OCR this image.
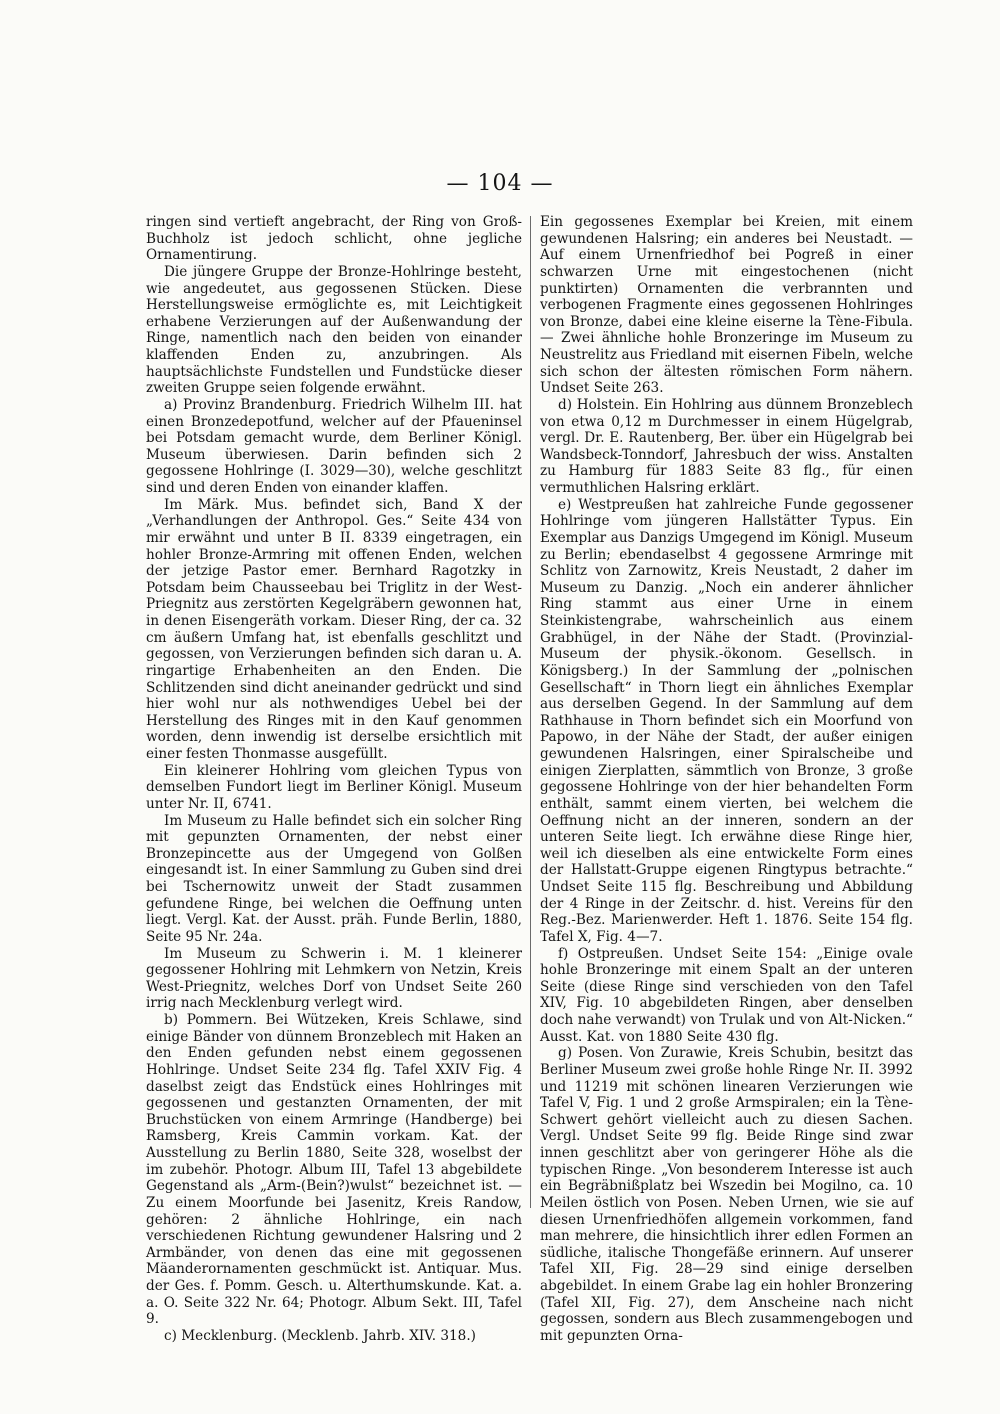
— 104 —

ringen sind vertieft angebracht, der Ring von Groß-Buchholz ist jedoch schlicht, ohne jegliche Ornamentirung.

Die jüngere Gruppe der Bronze-Hohlringe besteht, wie angedeutet, aus gegossenen Stücken. Diese Herstellungsweise ermöglichte es, mit Leichtigkeit erhabene Verzierungen auf der Außenwandung der Ringe, namentlich nach den beiden von einander klaffenden Enden zu, anzubringen. Als hauptsächlichste Fundstellen und Fundstücke dieser zweiten Gruppe seien folgende erwähnt.

a) Provinz Brandenburg. Friedrich Wilhelm III. hat einen Bronzedepotfund, welcher auf der Pfaueninsel bei Potsdam gemacht wurde, dem Berliner Königl. Museum überwiesen. Darin befinden sich 2 gegossene Hohlringe (I. 3029—30), welche geschlitzt sind und deren Enden von einander klaffen.

Im Märk. Mus. befindet sich, Band X der „Verhandlungen der Anthropol. Ges.“ Seite 434 von mir erwähnt und unter B II. 8339 eingetragen, ein hohler Bronze-Armring mit offenen Enden, welchen der jetzige Pastor emer. Bernhard Ragotzky in Potsdam beim Chausseebau bei Triglitz in der West-Priegnitz aus zerstörten Kegelgräbern gewonnen hat, in denen Eisengeräth vorkam. Dieser Ring, der ca. 32 cm äußern Umfang hat, ist ebenfalls geschlitzt und gegossen, von Verzierungen befinden sich daran u. A. ringartige Erhabenheiten an den Enden. Die Schlitzenden sind dicht aneinander gedrückt und sind hier wohl nur als nothwendiges Uebel bei der Herstellung des Ringes mit in den Kauf genommen worden, denn inwendig ist derselbe ersichtlich mit einer festen Thonmasse ausgefüllt.

Ein kleinerer Hohlring vom gleichen Typus von demselben Fundort liegt im Berliner Königl. Museum unter Nr. II, 6741.

Im Museum zu Halle befindet sich ein solcher Ring mit gepunzten Ornamenten, der nebst einer Bronzepincette aus der Umgegend von Golßen eingesandt ist. In einer Sammlung zu Guben sind drei bei Tschernowitz unweit der Stadt zusammen gefundene Ringe, bei welchen die Oeffnung unten liegt. Vergl. Kat. der Ausst. präh. Funde Berlin, 1880, Seite 95 Nr. 24a.

Im Museum zu Schwerin i. M. 1 kleinerer gegossener Hohlring mit Lehmkern von Netzin, Kreis West-Priegnitz, welches Dorf von Undset Seite 260 irrig nach Mecklenburg verlegt wird.

b) Pommern. Bei Wützeken, Kreis Schlawe, sind einige Bänder von dünnem Bronzeblech mit Haken an den Enden gefunden nebst einem gegossenen Hohlringe. Undset Seite 234 flg. Tafel XXIV Fig. 4 daselbst zeigt das Endstück eines Hohlringes mit gegossenen und gestanzten Ornamenten, der mit Bruchstücken von einem Armringe (Handberge) bei Ramsberg, Kreis Cammin vorkam. Kat. der Ausstellung zu Berlin 1880, Seite 328, woselbst der im zubehör. Photogr. Album III, Tafel 13 abgebildete Gegenstand als „Arm-(Bein?)wulst“ bezeichnet ist. — Zu einem Moorfunde bei Jasenitz, Kreis Randow, gehören: 2 ähnliche Hohlringe, ein nach verschiedenen Richtung gewundener Halsring und 2 Armbänder, von denen das eine mit gegossenen Mäanderornamenten geschmückt ist. Antiquar. Mus. der Ges. f. Pomm. Gesch. u. Alterthumskunde. Kat. a. a. O. Seite 322 Nr. 64; Photogr. Album Sekt. III, Tafel 9.

c) Mecklenburg. (Mecklenb. Jahrb. XIV. 318.)

Ein gegossenes Exemplar bei Kreien, mit einem gewundenen Halsring; ein anderes bei Neustadt. — Auf einem Urnenfriedhof bei Pogreß in einer schwarzen Urne mit eingestochenen (nicht punktirten) Ornamenten die verbrannten und verbogenen Fragmente eines gegossenen Hohlringes von Bronze, dabei eine kleine eiserne la Tène-Fibula. — Zwei ähnliche hohle Bronzeringe im Museum zu Neustrelitz aus Friedland mit eisernen Fibeln, welche sich schon der ältesten römischen Form nähern. Undset Seite 263.

d) Holstein. Ein Hohlring aus dünnem Bronzeblech von etwa 0,12 m Durchmesser in einem Hügelgrab, vergl. Dr. E. Rautenberg, Ber. über ein Hügelgrab bei Wandsbeck-Tonndorf, Jahresbuch der wiss. Anstalten zu Hamburg für 1883 Seite 83 flg., für einen vermuthlichen Halsring erklärt.

e) Westpreußen hat zahlreiche Funde gegossener Hohlringe vom jüngeren Hallstätter Typus. Ein Exemplar aus Danzigs Umgegend im Königl. Museum zu Berlin; ebendaselbst 4 gegossene Armringe mit Schlitz von Zarnowitz, Kreis Neustadt, 2 daher im Museum zu Danzig. „Noch ein anderer ähnlicher Ring stammt aus einer Urne in einem Steinkistengrabe, wahrscheinlich aus einem Grabhügel, in der Nähe der Stadt. (Provinzial-Museum der physik.-ökonom. Gesellsch. in Königsberg.) In der Sammlung der „polnischen Gesellschaft“ in Thorn liegt ein ähnliches Exemplar aus derselben Gegend. In der Sammlung auf dem Rathhause in Thorn befindet sich ein Moorfund von Papowo, in der Nähe der Stadt, der außer einigen gewundenen Halsringen, einer Spiralscheibe und einigen Zierplatten, sämmtlich von Bronze, 3 große gegossene Hohlringe von der hier behandelten Form enthält, sammt einem vierten, bei welchem die Oeffnung nicht an der inneren, sondern an der unteren Seite liegt. Ich erwähne diese Ringe hier, weil ich dieselben als eine entwickelte Form eines der Hallstatt-Gruppe eigenen Ringtypus betrachte.“ Undset Seite 115 flg. Beschreibung und Abbildung der 4 Ringe in der Zeitschr. d. hist. Vereins für den Reg.-Bez. Marienwerder. Heft 1. 1876. Seite 154 flg. Tafel X, Fig. 4—7.

f) Ostpreußen. Undset Seite 154: „Einige ovale hohle Bronzeringe mit einem Spalt an der unteren Seite (diese Ringe sind verschieden von den Tafel XIV, Fig. 10 abgebildeten Ringen, aber denselben doch nahe verwandt) von Trulak und von Alt-Nicken.“ Ausst. Kat. von 1880 Seite 430 flg.

g) Posen. Von Zurawie, Kreis Schubin, besitzt das Berliner Museum zwei große hohle Ringe Nr. II. 3992 und 11219 mit schönen linearen Verzierungen wie Tafel V, Fig. 1 und 2 große Armspiralen; ein la Tène-Schwert gehört vielleicht auch zu diesen Sachen. Vergl. Undset Seite 99 flg. Beide Ringe sind zwar innen geschlitzt aber von geringerer Höhe als die typischen Ringe. „Von besonderem Interesse ist auch ein Begräbnißplatz bei Wszedin bei Mogilno, ca. 10 Meilen östlich von Posen. Neben Urnen, wie sie auf diesen Urnenfriedhöfen allgemein vorkommen, fand man mehrere, die hinsichtlich ihrer edlen Formen an südliche, italische Thongefäße erinnern. Auf unserer Tafel XII, Fig. 28—29 sind einige derselben abgebildet. In einem Grabe lag ein hohler Bronzering (Tafel XII, Fig. 27), dem Anscheine nach nicht gegossen, sondern aus Blech zusammengebogen und mit gepunzten Orna-
